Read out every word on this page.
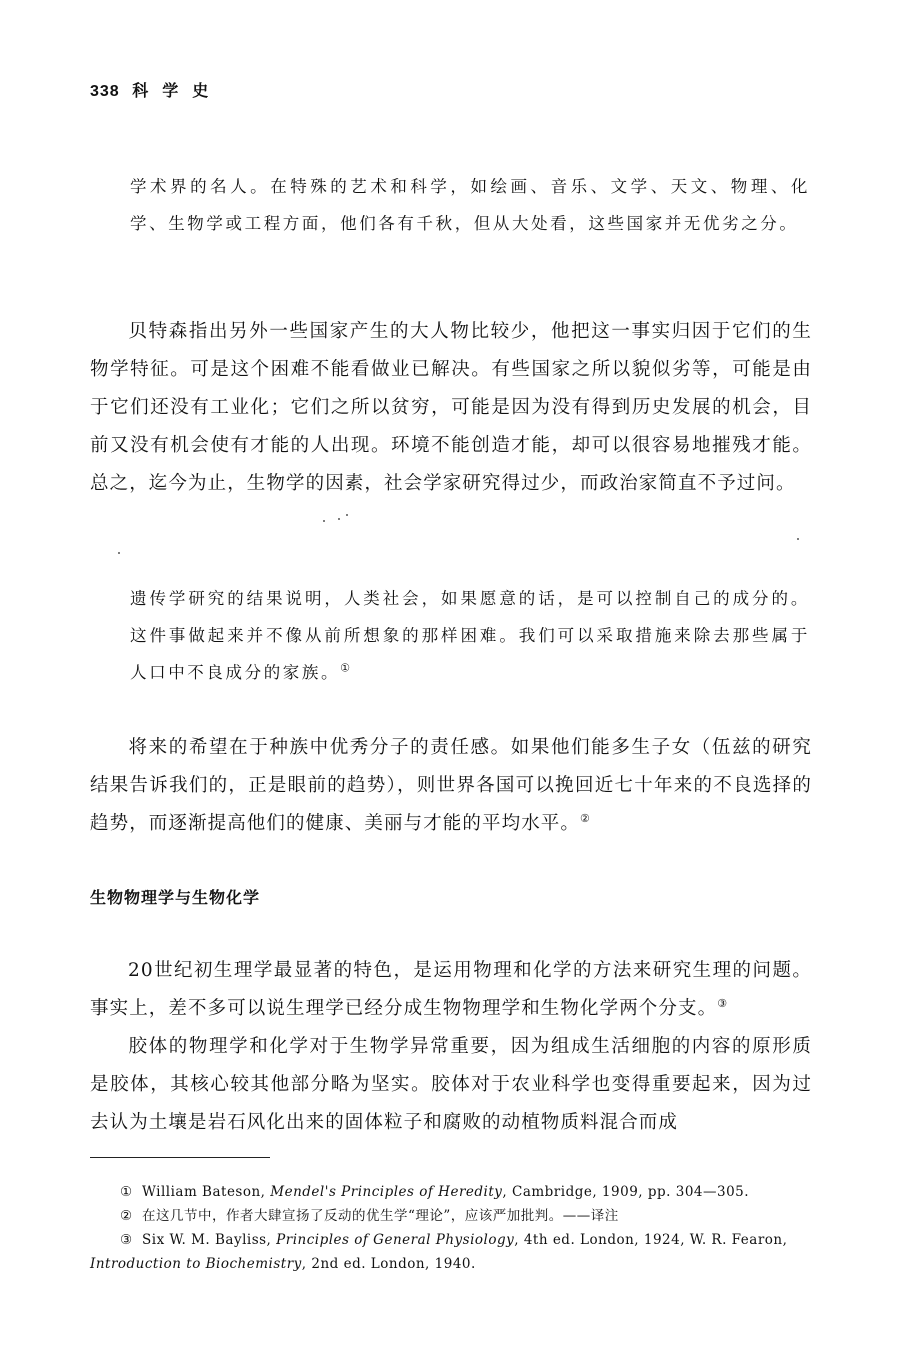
338 科学史
学术界的名人。在特殊的艺术和科学，如绘画、音乐、文学、天文、物理、化学、生物学或工程方面，他们各有千秋，但从大处看，这些国家并无优劣之分。
贝特森指出另外一些国家产生的大人物比较少，他把这一事实归因于它们的生物学特征。可是这个困难不能看做业已解决。有些国家之所以貌似劣等，可能是由于它们还没有工业化；它们之所以贫穷，可能是因为没有得到历史发展的机会，目前又没有机会使有才能的人出现。环境不能创造才能，却可以很容易地摧残才能。总之，迄今为止，生物学的因素，社会学家研究得过少，而政治家简直不予过问。
遗传学研究的结果说明，人类社会，如果愿意的话，是可以控制自己的成分的。这件事做起来并不像从前所想象的那样困难。我们可以采取措施来除去那些属于人口中不良成分的家族。①
将来的希望在于种族中优秀分子的责任感。如果他们能多生子女（伍兹的研究结果告诉我们的，正是眼前的趋势），则世界各国可以挽回近七十年来的不良选择的趋势，而逐渐提高他们的健康、美丽与才能的平均水平。②
生物物理学与生物化学
20世纪初生理学最显著的特色，是运用物理和化学的方法来研究生理的问题。事实上，差不多可以说生理学已经分成生物物理学和生物化学两个分支。③
胶体的物理学和化学对于生物学异常重要，因为组成生活细胞的内容的原形质是胶体，其核心较其他部分略为坚实。胶体对于农业科学也变得重要起来，因为过去认为土壤是岩石风化出来的固体粒子和腐败的动植物质料混合而成
① William Bateson, Mendel's Principles of Heredity, Cambridge, 1909, pp. 304—305.
② 在这几节中，作者大肆宣扬了反动的优生学“理论”，应该严加批判。——译注
③ Six W. M. Bayliss, Principles of General Physiology, 4th ed. London, 1924, W. R. Fearon, Introduction to Biochemistry, 2nd ed. London, 1940.
